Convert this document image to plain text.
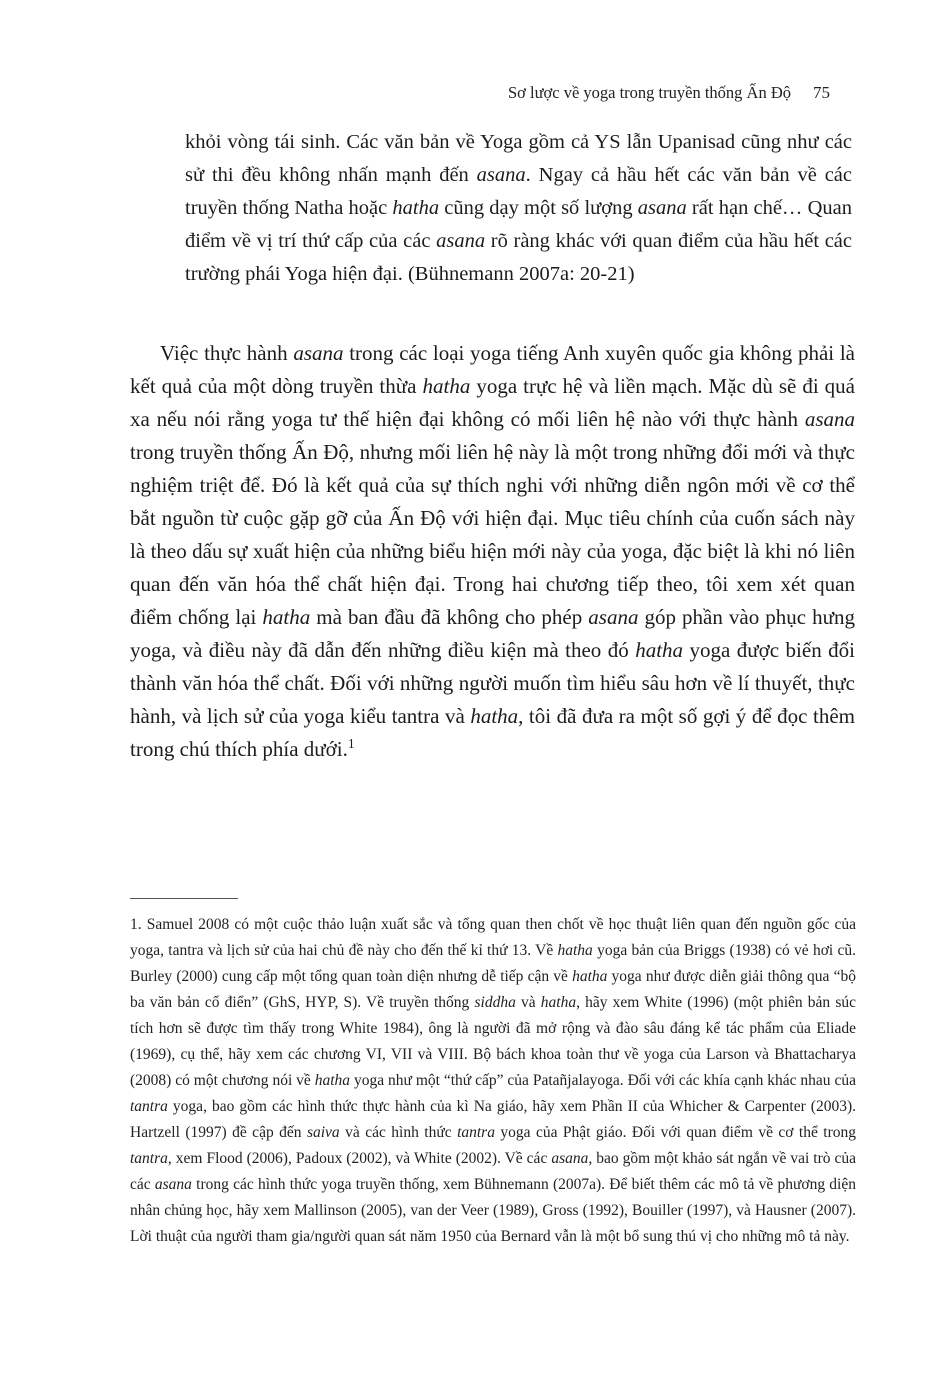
Sơ lược về yoga trong truyền thống Ấn Độ 75
khỏi vòng tái sinh. Các văn bản về Yoga gồm cả YS lẫn Upanisad cũng như các sử thi đều không nhấn mạnh đến asana. Ngay cả hầu hết các văn bản về các truyền thống Natha hoặc hatha cũng dạy một số lượng asana rất hạn chế… Quan điểm về vị trí thứ cấp của các asana rõ ràng khác với quan điểm của hầu hết các trường phái Yoga hiện đại. (Bühnemann 2007a: 20-21)

Việc thực hành asana trong các loại yoga tiếng Anh xuyên quốc gia không phải là kết quả của một dòng truyền thừa hatha yoga trực hệ và liền mạch. Mặc dù sẽ đi quá xa nếu nói rằng yoga tư thế hiện đại không có mối liên hệ nào với thực hành asana trong truyền thống Ấn Độ, nhưng mối liên hệ này là một trong những đổi mới và thực nghiệm triệt để. Đó là kết quả của sự thích nghi với những diễn ngôn mới về cơ thể bắt nguồn từ cuộc gặp gỡ của Ấn Độ với hiện đại. Mục tiêu chính của cuốn sách này là theo dấu sự xuất hiện của những biểu hiện mới này của yoga, đặc biệt là khi nó liên quan đến văn hóa thể chất hiện đại. Trong hai chương tiếp theo, tôi xem xét quan điểm chống lại hatha mà ban đầu đã không cho phép asana góp phần vào phục hưng yoga, và điều này đã dẫn đến những điều kiện mà theo đó hatha yoga được biến đổi thành văn hóa thể chất. Đối với những người muốn tìm hiểu sâu hơn về lí thuyết, thực hành, và lịch sử của yoga kiểu tantra và hatha, tôi đã đưa ra một số gợi ý để đọc thêm trong chú thích phía dưới.$^1$

1. Samuel 2008 có một cuộc thảo luận xuất sắc và tổng quan then chốt về học thuật liên quan đến nguồn gốc của yoga, tantra và lịch sử của hai chủ đề này cho đến thế kỉ thứ 13. Về hatha yoga bản của Briggs (1938) có vẻ hơi cũ. Burley (2000) cung cấp một tổng quan toàn diện nhưng dễ tiếp cận về hatha yoga như được diễn giải thông qua “bộ ba văn bản cổ điển” (GhS, HYP, S). Về truyền thống siddha và hatha, hãy xem White (1996) (một phiên bản súc tích hơn sẽ được tìm thấy trong White 1984), ông là người đã mở rộng và đào sâu đáng kể tác phẩm của Eliade (1969), cụ thể, hãy xem các chương VI, VII và VIII. Bộ bách khoa toàn thư về yoga của Larson và Bhattacharya (2008) có một chương nói về hatha yoga như một “thứ cấp” của Patañjalayoga. Đối với các khía cạnh khác nhau của tantra yoga, bao gồm các hình thức thực hành của kì Na giáo, hãy xem Phần II của Whicher & Carpenter (2003). Hartzell (1997) đề cập đến saiva và các hình thức tantra yoga của Phật giáo. Đối với quan điểm về cơ thể trong tantra, xem Flood (2006), Padoux (2002), và White (2002). Về các asana, bao gồm một khảo sát ngắn về vai trò của các asana trong các hình thức yoga truyền thống, xem Bühnemann (2007a). Để biết thêm các mô tả về phương diện nhân chủng học, hãy xem Mallinson (2005), van der Veer (1989), Gross (1992), Bouiller (1997), và Hausner (2007). Lời thuật của người tham gia/người quan sát năm 1950 của Bernard vẫn là một bổ sung thú vị cho những mô tả này.
